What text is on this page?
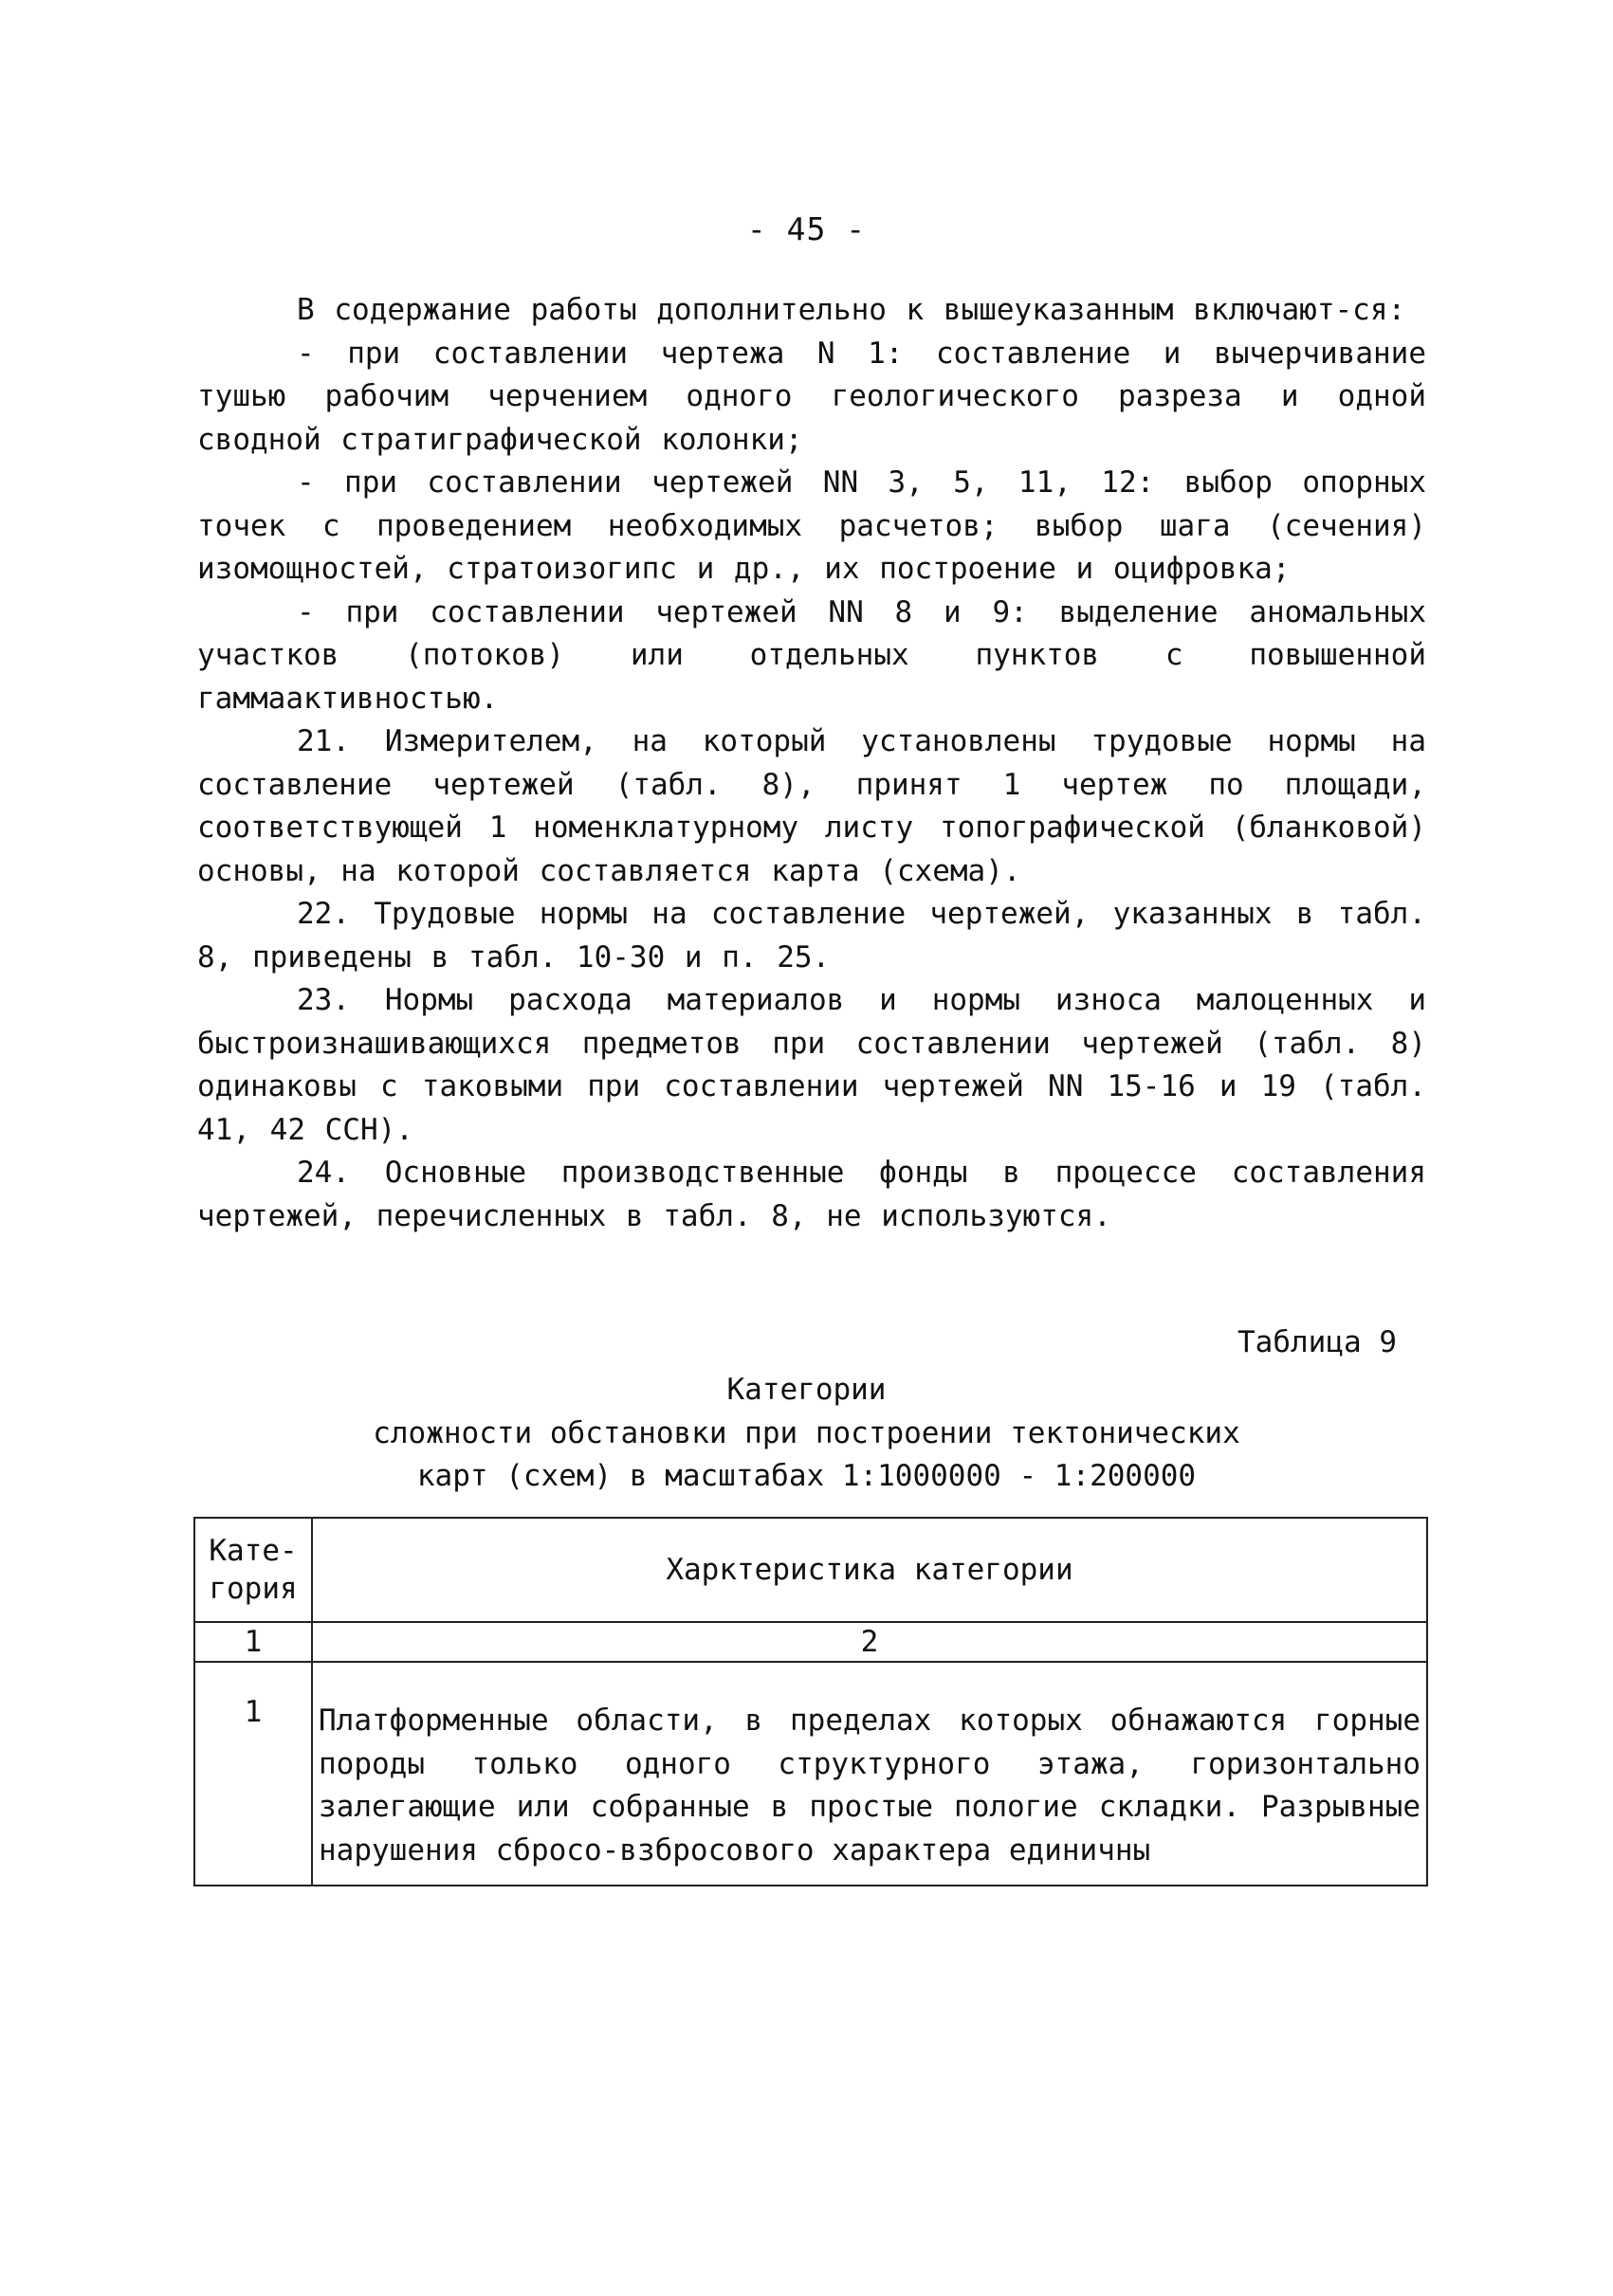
- 45 -

В содержание работы дополнительно к вышеуказанным включают-ся:

- при составлении чертежа N 1: составление и вычерчивание тушью рабочим черчением одного геологического разреза и одной сводной стратиграфической колонки;

- при составлении чертежей NN 3, 5, 11, 12: выбор опорных точек с проведением необходимых расчетов; выбор шага (сечения) изомощностей, стратоизогипс и др., их построение и оцифровка;

- при составлении чертежей NN 8 и 9: выделение аномальных участков (потоков) или отдельных пунктов с повышенной гаммаактивностью.

21. Измерителем, на который установлены трудовые нормы на составление чертежей (табл. 8), принят 1 чертеж по площади, соответствующей 1 номенклатурному листу топографической (бланковой) основы, на которой составляется карта (схема).

22. Трудовые нормы на составление чертежей, указанных в табл. 8, приведены в табл. 10-30 и п. 25.

23. Нормы расхода материалов и нормы износа малоценных и быстроизнашивающихся предметов при составлении чертежей (табл. 8) одинаковы с таковыми при составлении чертежей NN 15-16 и 19 (табл. 41, 42 ССН).

24. Основные производственные фонды в процессе составления чертежей, перечисленных в табл. 8, не используются.

Таблица 9
Категории
сложности обстановки при построении тектонических
карт (схем) в масштабах 1:1000000 - 1:200000
Кате-гория	Харктеристика категории
1	2
1	Платформенные области, в пределах которых обнажаются горные породы только одного структурного этажа, горизонтально залегающие или собранные в простые пологие складки. Разрывные нарушения сбросо-взбросового характера единичны
